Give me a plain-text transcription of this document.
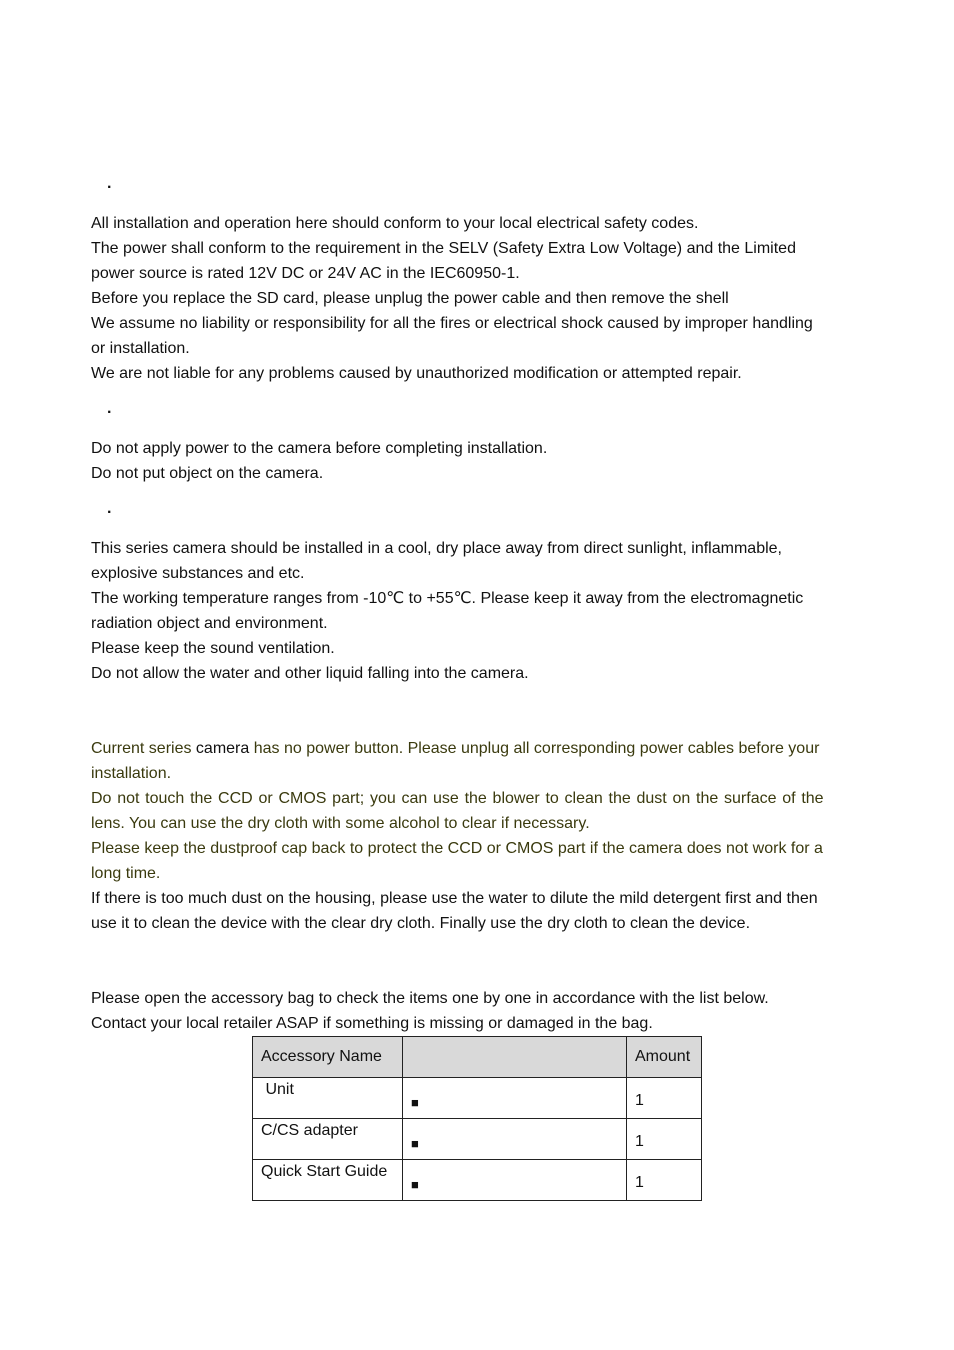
·
All installation and operation here should conform to your local electrical safety codes.
The power shall conform to the requirement in the SELV (Safety Extra Low Voltage) and the Limited
power source is rated 12V DC or 24V AC in the IEC60950-1.
Before you replace the SD card, please unplug the power cable and then remove the shell
We assume no liability or responsibility for all the fires or electrical shock caused by improper handling
or installation.
We are not liable for any problems caused by unauthorized modification or attempted repair.
·
Do not apply power to the camera before completing installation.
Do not put object on the camera.
·
This series camera should be installed in a cool, dry place away from direct sunlight, inflammable,
explosive substances and etc.
The working temperature ranges from -10℃ to +55℃. Please keep it away from the electromagnetic
radiation object and environment.
Please keep the sound ventilation.
Do not allow the water and other liquid falling into the camera.
Current series camera has no power button. Please unplug all corresponding power cables before your
installation.
Do not touch the CCD or CMOS part; you can use the blower to clean the dust on the surface of the
lens. You can use the dry cloth with some alcohol to clear if necessary.
Please keep the dustproof cap back to protect the CCD or CMOS part if the camera does not work for a
long time.
If there is too much dust on the housing, please use the water to dilute the mild detergent first and then
use it to clean the device with the clear dry cloth. Finally use the dry cloth to clean the device.
Please open the accessory bag to check the items one by one in accordance with the list below.
Contact your local retailer ASAP if something is missing or damaged in the bag.
Accessory Name		Amount

Unit	■	1

C/CS adapter	■	1

Quick Start Guide	■	1
